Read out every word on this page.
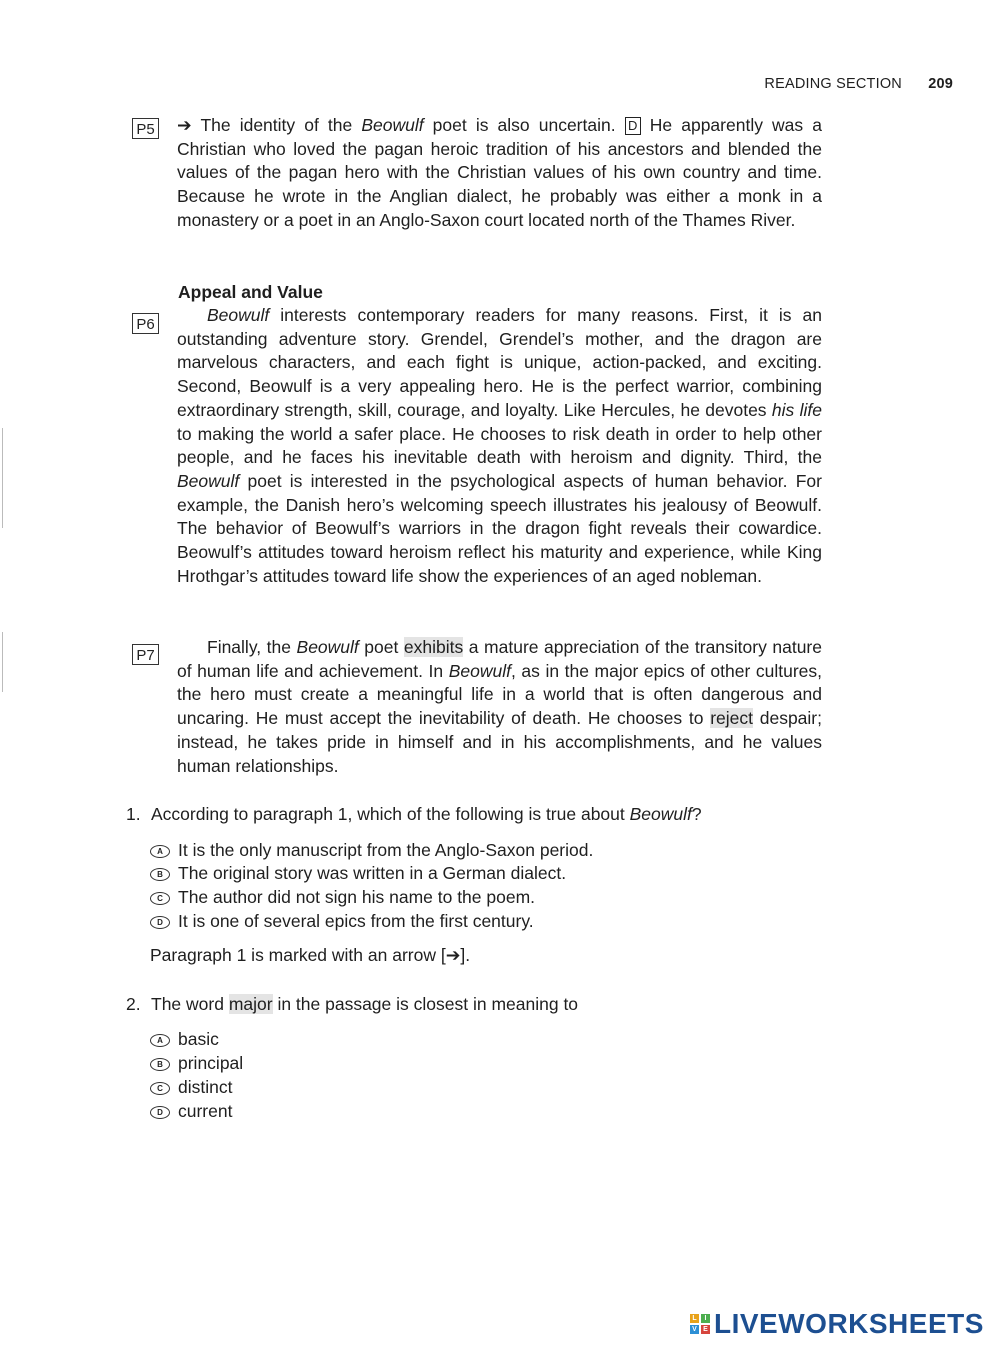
READING SECTION 209
P5 ➔ The identity of the Beowulf poet is also uncertain. D He apparently was a Christian who loved the pagan heroic tradition of his ancestors and blended the values of the pagan hero with the Christian values of his own country and time. Because he wrote in the Anglian dialect, he probably was either a monk in a monastery or a poet in an Anglo-Saxon court located north of the Thames River.
Appeal and Value
P6	Beowulf interests contemporary readers for many reasons. First, it is an outstanding adventure story. Grendel, Grendel’s mother, and the dragon are marvelous characters, and each fight is unique, action-packed, and exciting. Second, Beowulf is a very appealing hero. He is the perfect warrior, combining extraordinary strength, skill, courage, and loyalty. Like Hercules, he devotes his life to making the world a safer place. He chooses to risk death in order to help other people, and he faces his inevitable death with heroism and dignity. Third, the Beowulf poet is interested in the psychological aspects of human behavior. For example, the Danish hero’s welcoming speech illustrates his jealousy of Beowulf. The behavior of Beowulf’s warriors in the dragon fight reveals their cowardice. Beowulf’s attitudes toward heroism reflect his maturity and experience, while King Hrothgar’s attitudes toward life show the experiences of an aged nobleman.
P7	Finally, the Beowulf poet exhibits a mature appreciation of the transitory nature of human life and achievement. In Beowulf, as in the major epics of other cultures, the hero must create a meaningful life in a world that is often dangerous and uncaring. He must accept the inevitability of death. He chooses to reject despair; instead, he takes pride in himself and in his accomplishments, and he values human relationships.
1. According to paragraph 1, which of the following is true about Beowulf?
A It is the only manuscript from the Anglo-Saxon period.
B The original story was written in a German dialect.
C The author did not sign his name to the poem.
D It is one of several epics from the first century.
Paragraph 1 is marked with an arrow [➔].
2. The word major in the passage is closest in meaning to
A basic
B principal
C distinct
D current
L	I
V E LIVEWORKSHEETS
